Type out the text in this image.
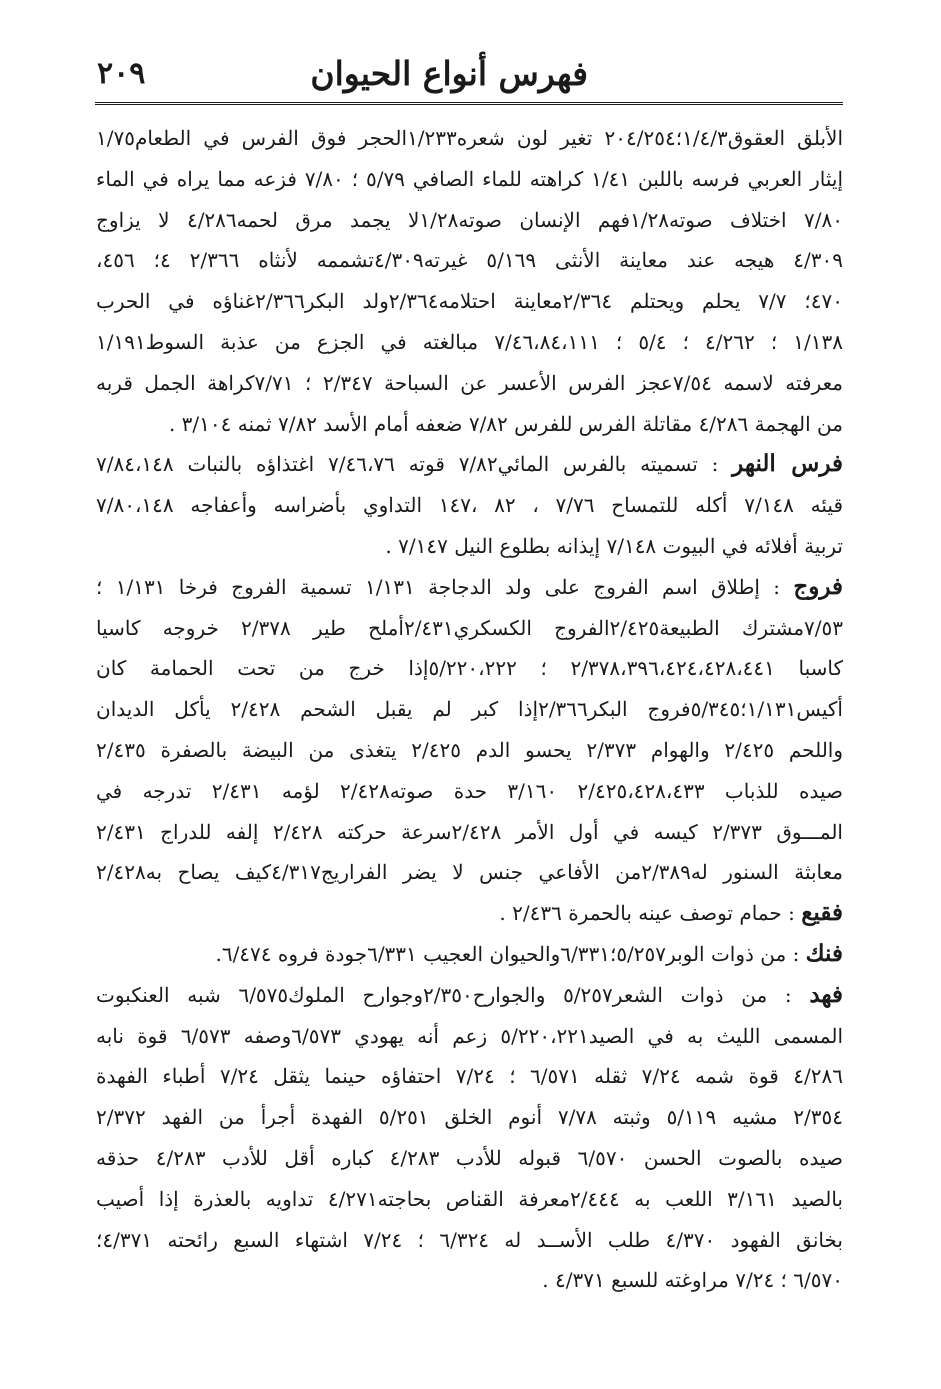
فهرس أنواع الحيوان
٢٠٩
الأبلق العقوق١/٤/٣؛٢٠٤/٢٥٤ تغير لون شعره١/٢٣٣الحجر فوق الفرس في الطعام١/٧٥
إيثار العربي فرسه باللبن ١/٤١ كراهته للماء الصافي ٥/٧٩ ؛ ٧/٨٠ فزعه مما يراه في الماء
٧/٨٠ اختلاف صوته١/٢٨فهم الإنسان صوته١/٢٨لا يجمد مرق لحمه٤/٢٨٦ لا يزاوج
٤/٣٠٩ هيجه عند معاينة الأنثى ٥/١٦٩ غيرته٤/٣٠٩تشممه لأنثاه ٢/٣٦٦ ٤؛ ٤٥٦،
٤٧٠؛ ٧/٧ يحلم ويحتلم ٢/٣٦٤معاينة احتلامه٢/٣٦٤ولد البكر٢/٣٦٦غناؤه في الحرب
١/١٣٨ ؛ ٤/٢٦٢ ؛ ٥/٤ ؛ ٧/٤٦،٨٤،١١١ مبالغته في الجزع من عذبة السوط١/١٩١
معرفته لاسمه ٧/٥٤عجز الفرس الأعسر عن السباحة ٢/٣٤٧ ؛ ٧/٧١كراهة الجمل قربه
من الهجمة ٤/٢٨٦ مقاتلة الفرس للفرس ٧/٨٢ ضعفه أمام الأسد ٧/٨٢ ثمنه ٣/١٠٤ .
فرس النهر : تسميته بالفرس المائي٧/٨٢ قوته ٧/٤٦،٧٦ اغتذاؤه بالنبات ٧/٨٤،١٤٨
قيئه ٧/١٤٨ أكله للتمساح ٧/٧٦ ، ٨٢ ،١٤٧ التداوي بأضراسه وأعفاجه ٧/٨٠،١٤٨
تربية أفلائه في البيوت ٧/١٤٨ إيذانه بطلوع النيل ٧/١٤٧ .
فروج : إطلاق اسم الفروج على ولد الدجاجة ١/١٣١ تسمية الفروج فرخا ١/١٣١ ؛
٧/٥٣مشترك الطبيعة٢/٤٢٥الفروج الكسكري٢/٤٣١أملح طير ٢/٣٧٨ خروجه كاسيا
كاسبا ٢/٣٧٨،٣٩٦،٤٢٤،٤٢٨،٤٤١ ؛ ٥/٢٢٠،٢٢٢إذا خرج من تحت الحمامة كان
أكيس١/١٣١؛٥/٣٤٥فروج البكر٢/٣٦٦إذا كبر لم يقبل الشحم ٢/٤٢٨ يأكل الديدان
واللحم ٢/٤٢٥ والهوام ٢/٣٧٣ يحسو الدم ٢/٤٢٥ يتغذى من البيضة بالصفرة ٢/٤٣٥
صيده للذباب ٢/٤٢٥،٤٢٨،٤٣٣ ٣/١٦٠ حدة صوته٢/٤٢٨ لؤمه ٢/٤٣١ تدرجه في
المـــوق ٢/٣٧٣ كيسه في أول الأمر ٢/٤٢٨سرعة حركته ٢/٤٢٨ إلفه للدراج ٢/٤٣١
معابثة السنور له٢/٣٨٩من الأفاعي جنس لا يضر الفراريج٤/٣١٧كيف يصاح به٢/٤٢٨
فقيع : حمام توصف عينه بالحمرة ٢/٤٣٦ .
فنك : من ذوات الوبر٥/٢٥٧؛٦/٣٣١والحيوان العجيب ٦/٣٣١جودة فروه ٦/٤٧٤.
فهد : من ذوات الشعر٥/٢٥٧ والجوارح٢/٣٥٠وجوارح الملوك٦/٥٧٥ شبه العنكبوت
المسمى الليث به في الصيد٥/٢٢٠،٢٢١ زعم أنه يهودي ٦/٥٧٣وصفه ٦/٥٧٣ قوة نابه
٤/٢٨٦ قوة شمه ٧/٢٤ ثقله ٦/٥٧١ ؛ ٧/٢٤ احتفاؤه حينما يثقل ٧/٢٤ أطباء الفهدة
٢/٣٥٤ مشيه ٥/١١٩ وثبته ٧/٧٨ أنوم الخلق ٥/٢٥١ الفهدة أجرأ من الفهد ٢/٣٧٢
صيده بالصوت الحسن ٦/٥٧٠ قبوله للأدب ٤/٢٨٣ كباره أقل للأدب ٤/٢٨٣ حذقه
بالصيد ٣/١٦١ اللعب به ٢/٤٤٤معرفة القناص بحاجته٤/٢٧١ تداويه بالعذرة إذا أصيب
بخانق الفهود ٤/٣٧٠ طلب الأســد له ٦/٣٢٤ ؛ ٧/٢٤ اشتهاء السبع رائحته ٤/٣٧١؛
٦/٥٧٠ ؛ ٧/٢٤ مراوغته للسبع ٤/٣٧١ .
